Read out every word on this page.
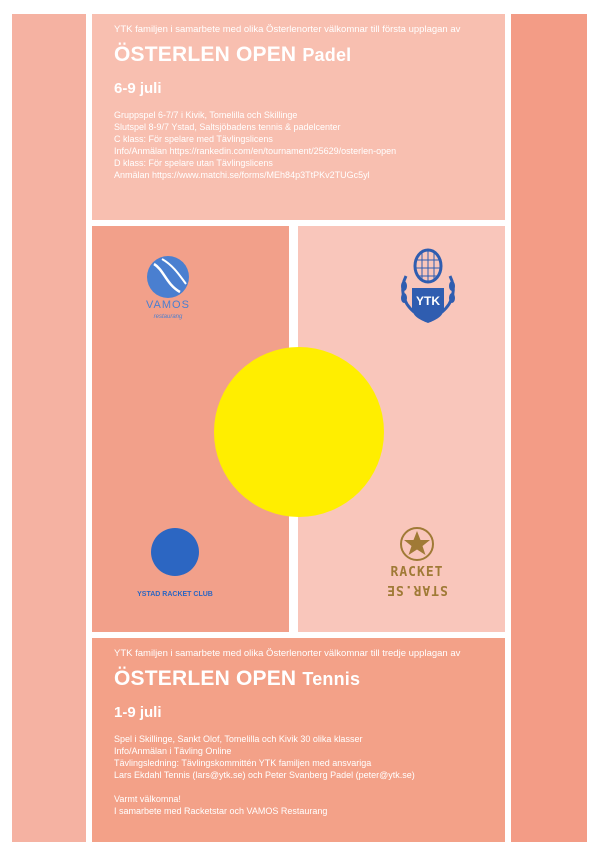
YTK familjen i samarbete med olika Österlenorter välkomnar till första upplagan av
ÖSTERLEN OPEN Padel
6-9 juli
Gruppspel 6-7/7 i Kivik, Tomelilla och Skillinge
Slutspel 8-9/7 Ystad, Saltsjöbadens tennis & padelcenter
C klass: För spelare med Tävlingslicens
Info/Anmälan https://rankedin.com/en/tournament/25629/osterlen-open
D klass: För spelare utan Tävlingslicens
Anmälan https://www.matchi.se/forms/MEh84p3TtPKv2TUGc5yl
VAMOS
restaurang
YTK
YSTAD RACKET CLUB
RACKET
STAR.SE
YTK familjen i samarbete med olika Österlenorter välkomnar till tredje upplagan av
ÖSTERLEN OPEN Tennis
1-9 juli
Spel i Skillinge, Sankt Olof, Tomelilla och Kivik 30 olika klasser
Info/Anmälan i Tävling Online
Tävlingsledning: Tävlingskommittén YTK familjen med ansvariga
Lars Ekdahl Tennis (lars@ytk.se) och Peter Svanberg Padel (peter@ytk.se)
Varmt välkomna!
I samarbete med Racketstar och VAMOS Restaurang
